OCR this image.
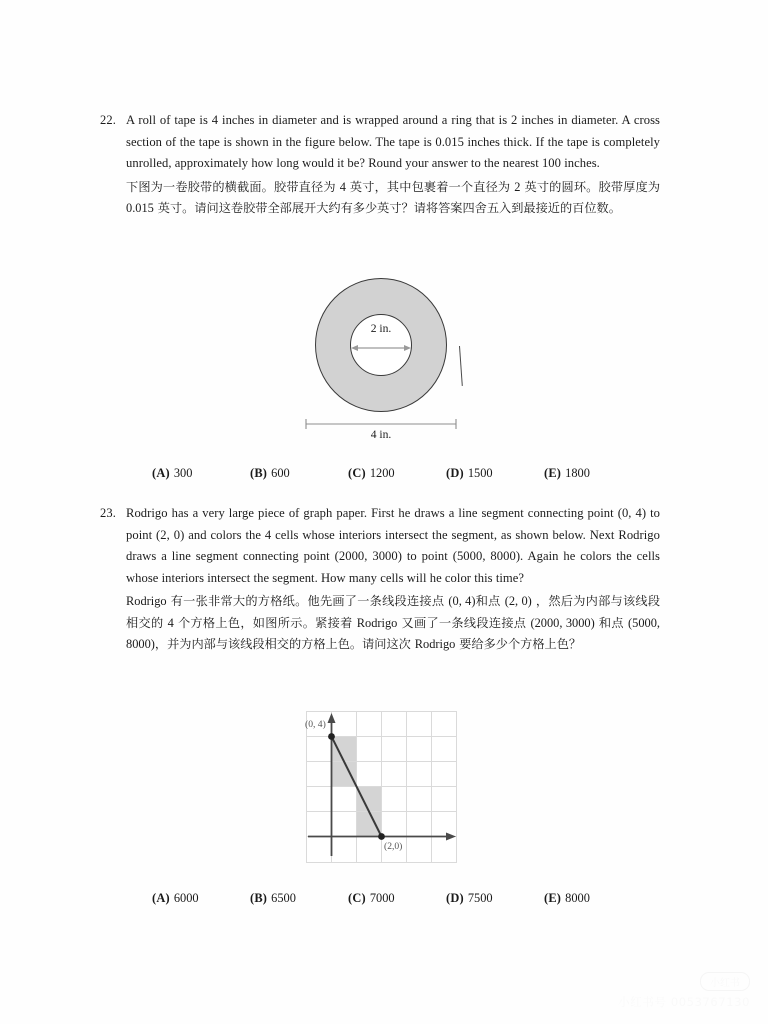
22. A roll of tape is 4 inches in diameter and is wrapped around a ring that is 2 inches in diameter. A cross section of the tape is shown in the figure below. The tape is 0.015 inches thick. If the tape is completely unrolled, approximately how long would it be? Round your answer to the nearest 100 inches.
下图为一卷胶带的横截面。胶带直径为 4 英寸，其中包裹着一个直径为 2 英寸的圆环。胶带厚度为 0.015 英寸。请问这卷胶带全部展开大约有多少英寸？请将答案四舍五入到最接近的百位数。
2 in.
4 in.
(A) 300	(B) 600	(C) 1200	(D) 1500	(E) 1800
23. Rodrigo has a very large piece of graph paper. First he draws a line segment connecting point (0, 4) to point (2, 0) and colors the 4 cells whose interiors intersect the segment, as shown below. Next Rodrigo draws a line segment connecting point (2000, 3000) to point (5000, 8000). Again he colors the cells whose interiors intersect the segment. How many cells will he color this time?
Rodrigo 有一张非常大的方格纸。他先画了一条线段连接点 (0, 4)和点 (2, 0) ，然后为内部与该线段相交的 4 个方格上色，如图所示。紧接着 Rodrigo 又画了一条线段连接点 (2000, 3000) 和点 (5000, 8000)，并为内部与该线段相交的方格上色。请问这次 Rodrigo 要给多少个方格上色？
(0, 4)
(2,0)
(A) 6000	(B) 6500	(C) 7000	(D) 7500	(E) 8000
小红书
小红书号 0053767130
